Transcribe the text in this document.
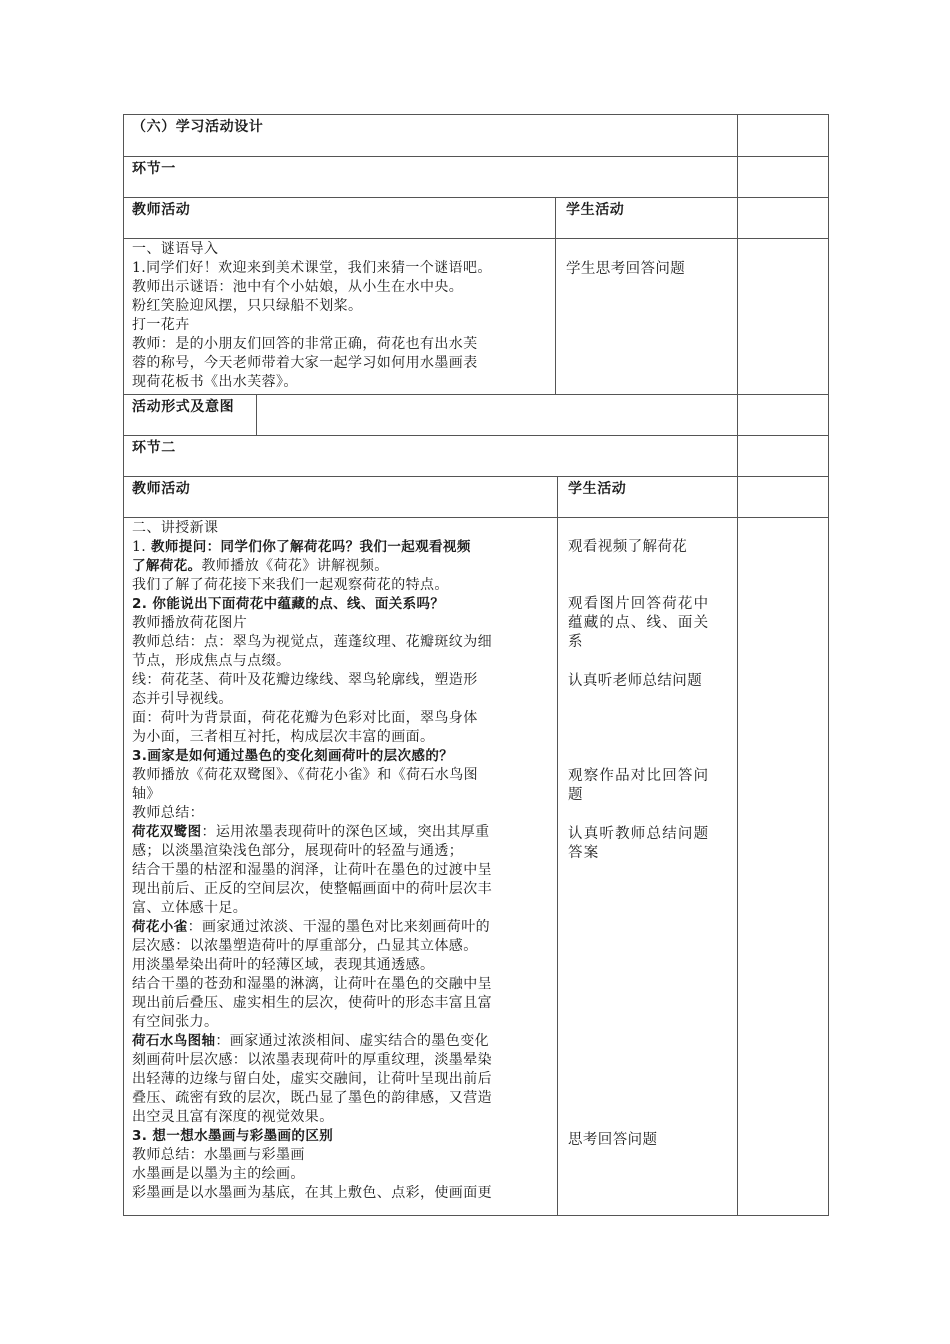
（六）学习活动设计
环节一
教师活动	学生活动
一、谜语导入
1.同学们好！欢迎来到美术课堂，我们来猜一个谜语吧。
教师出示谜语：池中有个小姑娘，从小生在水中央。
粉红笑脸迎风摆，只只绿船不划桨。
打一花卉
教师：是的小朋友们回答的非常正确，荷花也有出水芙
蓉的称号，今天老师带着大家一起学习如何用水墨画表
现荷花板书《出水芙蓉》。
学生思考回答问题
活动形式及意图
环节二
教师活动	学生活动
二、讲授新课
1. 教师提问：同学们你了解荷花吗？我们一起观看视频
了解荷花。教师播放《荷花》讲解视频。
我们了解了荷花接下来我们一起观察荷花的特点。
2. 你能说出下面荷花中蕴藏的点、线、面关系吗？
教师播放荷花图片
教师总结：点：翠鸟为视觉点，莲蓬纹理、花瓣斑纹为细
节点，形成焦点与点缀。
线：荷花茎、荷叶及花瓣边缘线、翠鸟轮廓线，塑造形
态并引导视线。
面：荷叶为背景面，荷花花瓣为色彩对比面，翠鸟身体
为小面，三者相互衬托，构成层次丰富的画面。
3.画家是如何通过墨色的变化刻画荷叶的层次感的？
教师播放《荷花双鹭图》、《荷花小雀》和《荷石水鸟图
轴》
教师总结：
荷花双鹭图：运用浓墨表现荷叶的深色区域，突出其厚重
感；以淡墨渲染浅色部分，展现荷叶的轻盈与通透；
结合干墨的枯涩和湿墨的润泽，让荷叶在墨色的过渡中呈
现出前后、正反的空间层次，使整幅画面中的荷叶层次丰
富、立体感十足。
荷花小雀：画家通过浓淡、干湿的墨色对比来刻画荷叶的
层次感：以浓墨塑造荷叶的厚重部分，凸显其立体感。
用淡墨晕染出荷叶的轻薄区域，表现其通透感。
结合干墨的苍劲和湿墨的淋漓，让荷叶在墨色的交融中呈
现出前后叠压、虚实相生的层次，使荷叶的形态丰富且富
有空间张力。
荷石水鸟图轴：画家通过浓淡相间、虚实结合的墨色变化
刻画荷叶层次感：以浓墨表现荷叶的厚重纹理，淡墨晕染
出轻薄的边缘与留白处，虚实交融间，让荷叶呈现出前后
叠压、疏密有致的层次，既凸显了墨色的韵律感，又营造
出空灵且富有深度的视觉效果。
3. 想一想水墨画与彩墨画的区别
教师总结：水墨画与彩墨画
水墨画是以墨为主的绘画。
彩墨画是以水墨画为基底，在其上敷色、点彩，使画面更
观看视频了解荷花
观看图片回答荷花中
蕴藏的点、线、面关
系
认真听老师总结问题
观察作品对比回答问
题
认真听教师总结问题
答案
思考回答问题
